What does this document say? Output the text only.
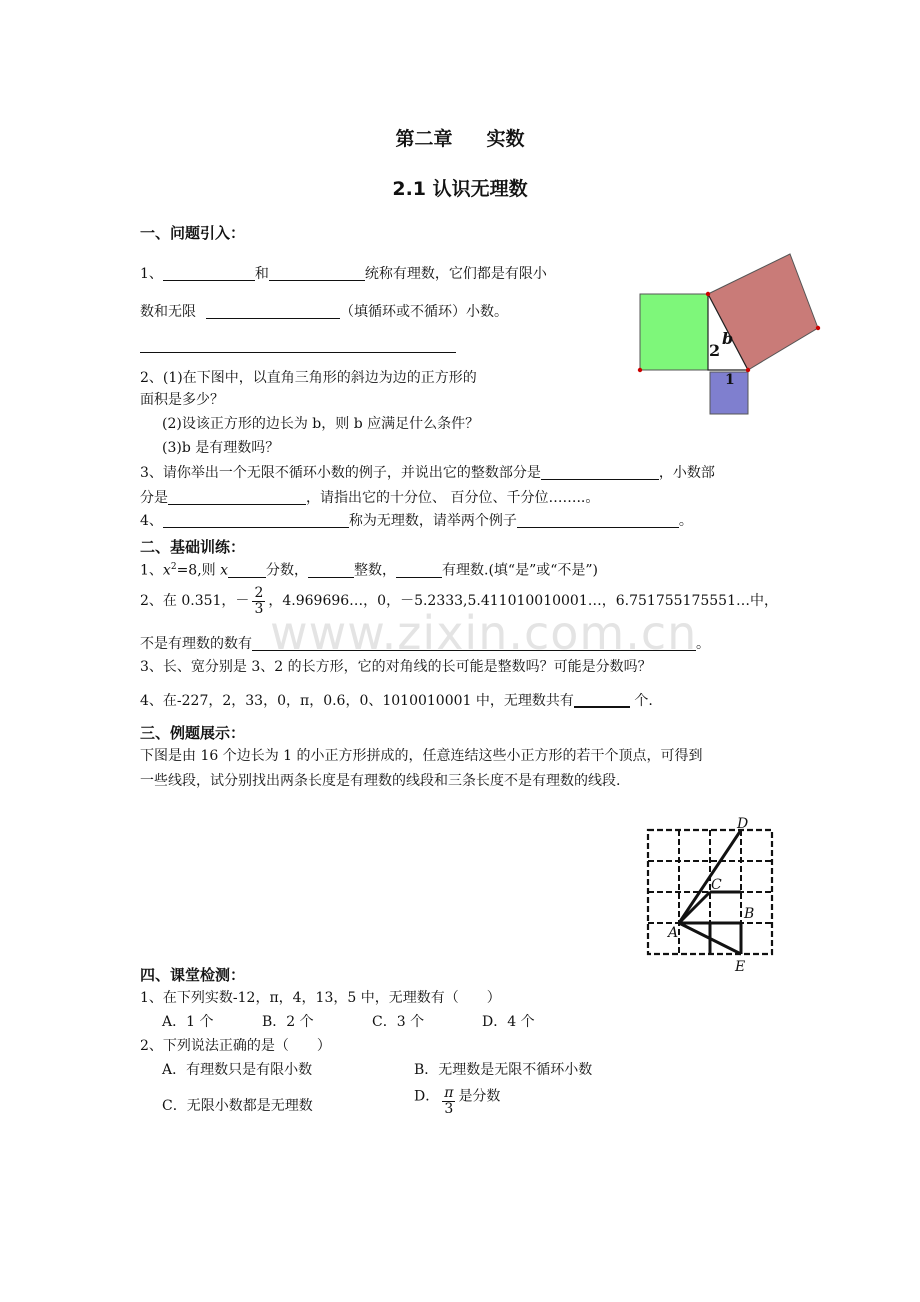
www.zixin.com.cn
第二章 实数
2.1 认识无理数
一、问题引入：
1、	和	统称有理数，它们都是有限小
数和无限	（填循环或不循环）小数。
2、(1)在下图中，以直角三角形的斜边为边的正方形的
面积是多少？
(2)设该正方形的边长为 b，则 b 应满足什么条件？
(3)b 是有理数吗？
3、请你举出一个无限不循环小数的例子，并说出它的整数部分是	，小数部
分是	，请指出它的十分位、 百分位、千分位……..。
4、	称为无理数，请举两个例子	。
b
2
1
二、基础训练：
1、$x^2=8$,则 x	分数，	整数，	有理数.(填“是”或“不是”)
2、在 0.351，－ $\frac{2}{3}$ ，4.969696…，0，－5.2333,5.411010010001…，6.751755175551…中，
不是有理数的数有	。
3、长、宽分别是 3、2 的长方形，它的对角线的长可能是整数吗？可能是分数吗？
4、在-227，2，33，0，π，0.6，0、1010010001 中，无理数共有	个.
三、例题展示：
下图是由 16 个边长为 1 的小正方形拼成的，任意连结这些小正方形的若干个顶点，可得到
一些线段，试分别找出两条长度是有理数的线段和三条长度不是有理数的线段.
A
B
C
D
E
四、课堂检测：
1、在下列实数-12，π，4，13，5 中，无理数有（　　）
A．1 个	B．2 个	C．3 个	D．4 个
2、下列说法正确的是（　　）
A．有理数只是有限小数	B．无理数是无限不循环小数
C．无限小数都是无理数
D． $\frac{\pi}{3}$ 是分数
